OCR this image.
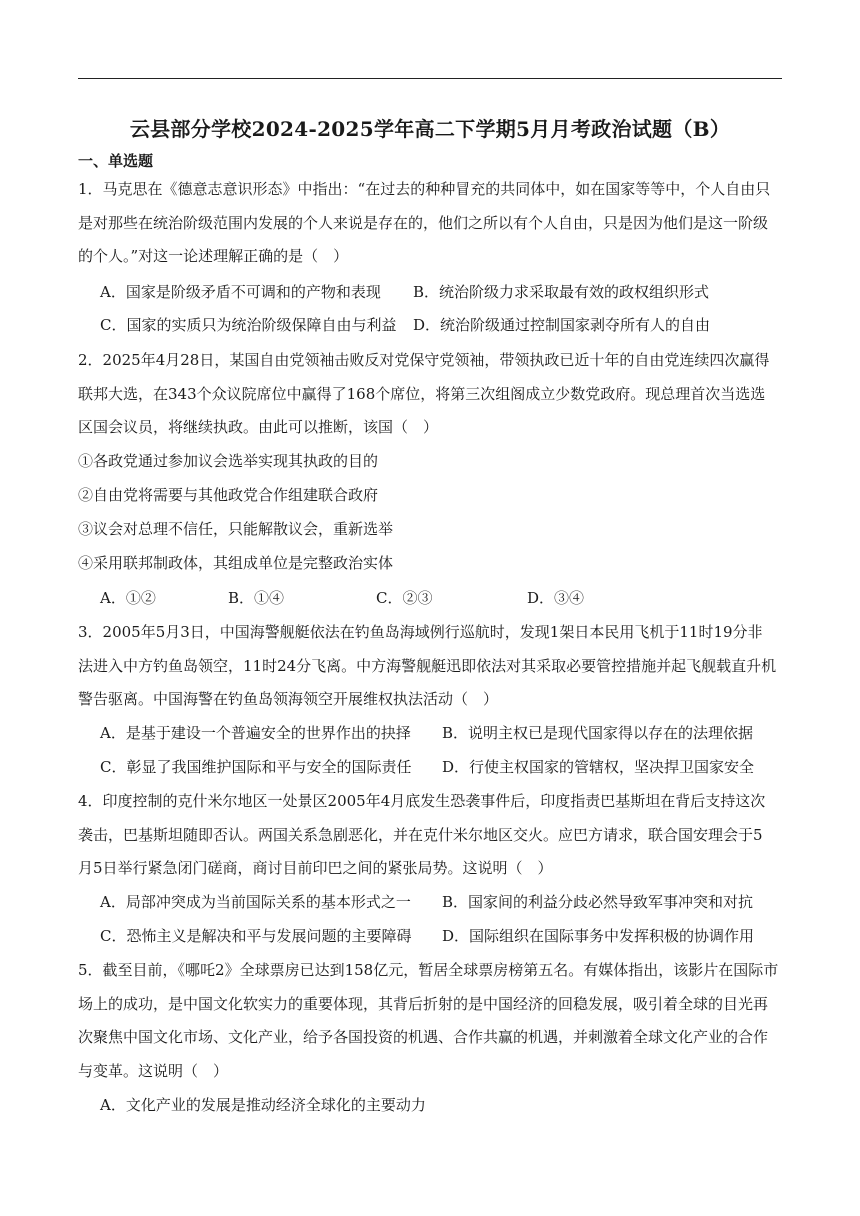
云县部分学校2024-2025学年高二下学期5月月考政治试题（B）
一、单选题
1．马克思在《德意志意识形态》中指出：“在过去的种种冒充的共同体中，如在国家等等中，个人自由只
是对那些在统治阶级范围内发展的个人来说是存在的，他们之所以有个人自由，只是因为他们是这一阶级
的个人。”对这一论述理解正确的是（　）
A．国家是阶级矛盾不可调和的产物和表现 B．统治阶级力求采取最有效的政权组织形式
C．国家的实质只为统治阶级保障自由与利益 D．统治阶级通过控制国家剥夺所有人的自由
2．2025年4月28日，某国自由党领袖击败反对党保守党领袖，带领执政已近十年的自由党连续四次赢得
联邦大选，在343个众议院席位中赢得了168个席位，将第三次组阁成立少数党政府。现总理首次当选选
区国会议员，将继续执政。由此可以推断，该国（　）
①各政党通过参加议会选举实现其执政的目的
②自由党将需要与其他政党合作组建联合政府
③议会对总理不信任，只能解散议会，重新选举
④采用联邦制政体，其组成单位是完整政治实体
A．①②	B．①④	C．②③	D．③④
3．2005年5月3日，中国海警舰艇依法在钓鱼岛海域例行巡航时，发现1架日本民用飞机于11时19分非
法进入中方钓鱼岛领空，11时24分飞离。中方海警舰艇迅即依法对其采取必要管控措施并起飞舰载直升机
警告驱离。中国海警在钓鱼岛领海领空开展维权执法活动（　）
A．是基于建设一个普遍安全的世界作出的抉择 B．说明主权已是现代国家得以存在的法理依据
C．彰显了我国维护国际和平与安全的国际责任 D．行使主权国家的管辖权，坚决捍卫国家安全
4．印度控制的克什米尔地区一处景区2005年4月底发生恐袭事件后，印度指责巴基斯坦在背后支持这次
袭击，巴基斯坦随即否认。两国关系急剧恶化，并在克什米尔地区交火。应巴方请求，联合国安理会于5
月5日举行紧急闭门磋商，商讨目前印巴之间的紧张局势。这说明（　）
A．局部冲突成为当前国际关系的基本形式之一 B．国家间的利益分歧必然导致军事冲突和对抗
C．恐怖主义是解决和平与发展问题的主要障碍 D．国际组织在国际事务中发挥积极的协调作用
5．截至目前，《哪吒2》全球票房已达到158亿元，暂居全球票房榜第五名。有媒体指出，该影片在国际市
场上的成功，是中国文化软实力的重要体现，其背后折射的是中国经济的回稳发展，吸引着全球的目光再
次聚焦中国文化市场、文化产业，给予各国投资的机遇、合作共赢的机遇，并刺激着全球文化产业的合作
与变革。这说明（　）
A．文化产业的发展是推动经济全球化的主要动力
